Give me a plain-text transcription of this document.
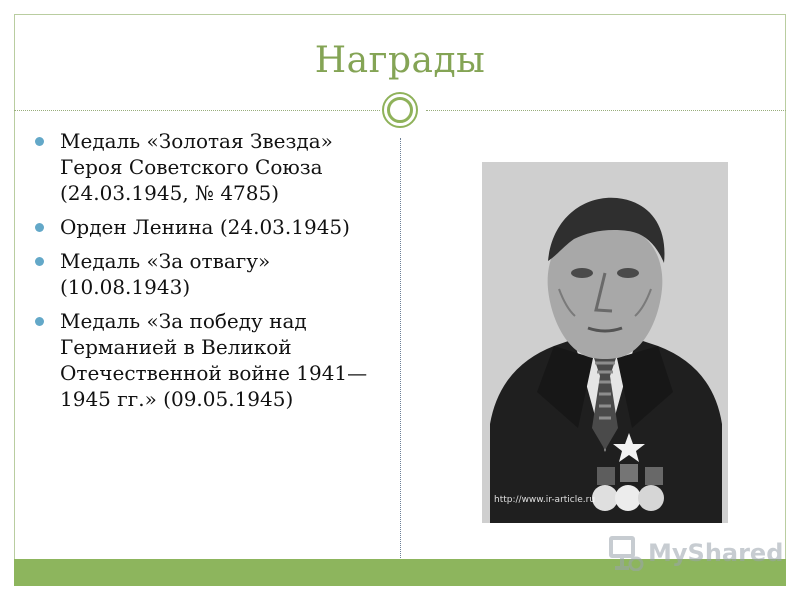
Награды
Медаль «Золотая Звезда» Героя Советского Союза (24.03.1945, № 4785)
Орден Ленина (24.03.1945)
Медаль «За отвагу» (10.08.1943)
Медаль «За победу над Германией в Великой Отечественной войне 1941—1945 гг.» (09.05.1945)
http://www.ir-article.ru
MyShared
